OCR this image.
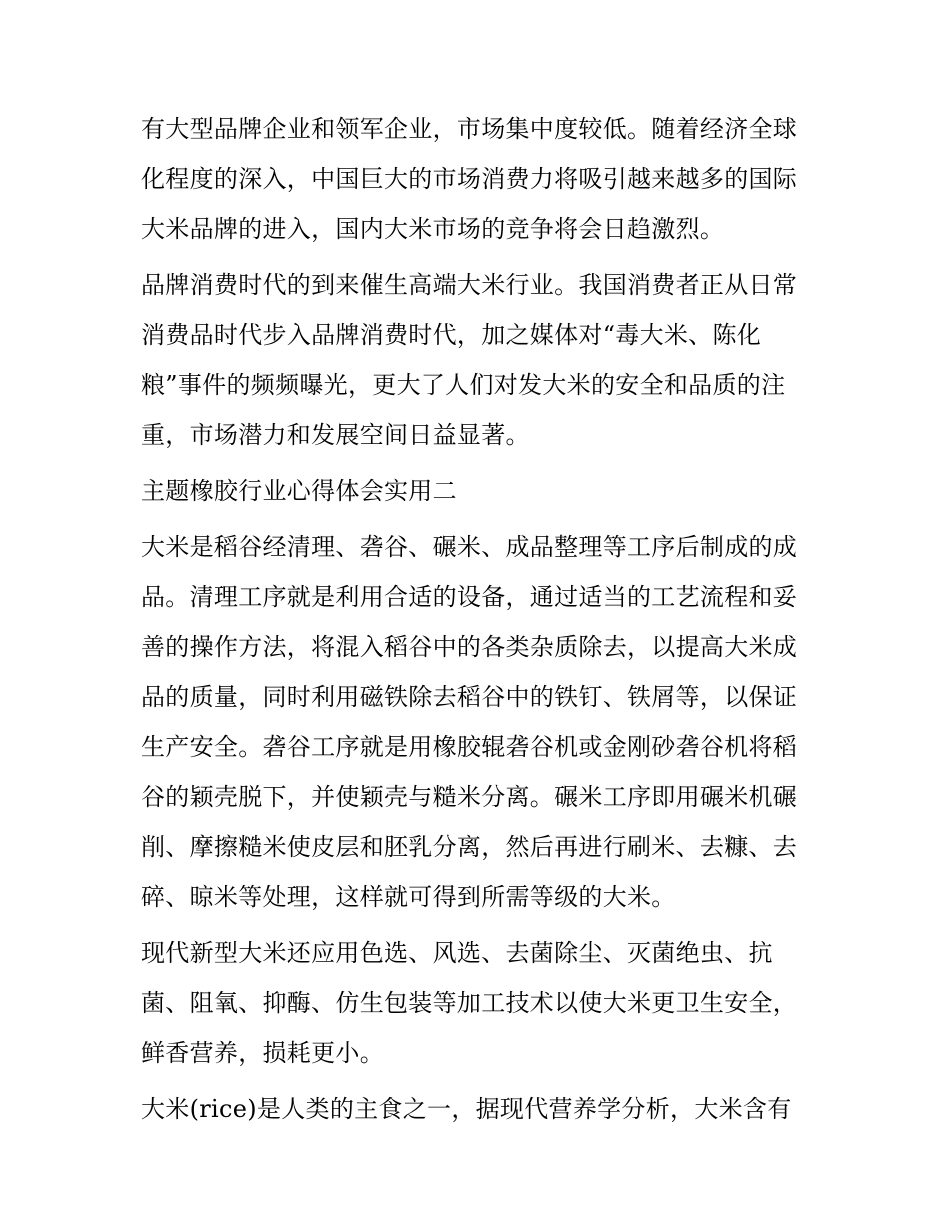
有大型品牌企业和领军企业，市场集中度较低。随着经济全球
化程度的深入，中国巨大的市场消费力将吸引越来越多的国际
大米品牌的进入，国内大米市场的竞争将会日趋激烈。
品牌消费时代的到来催生高端大米行业。我国消费者正从日常
消费品时代步入品牌消费时代，加之媒体对“毒大米、陈化
粮”事件的频频曝光，更大了人们对发大米的安全和品质的注
重，市场潜力和发展空间日益显著。
主题橡胶行业心得体会实用二
大米是稻谷经清理、砻谷、碾米、成品整理等工序后制成的成
品。清理工序就是利用合适的设备，通过适当的工艺流程和妥
善的操作方法，将混入稻谷中的各类杂质除去，以提高大米成
品的质量，同时利用磁铁除去稻谷中的铁钉、铁屑等，以保证
生产安全。砻谷工序就是用橡胶辊砻谷机或金刚砂砻谷机将稻
谷的颖壳脱下，并使颖壳与糙米分离。碾米工序即用碾米机碾
削、摩擦糙米使皮层和胚乳分离，然后再进行刷米、去糠、去
碎、晾米等处理，这样就可得到所需等级的大米。
现代新型大米还应用色选、风选、去菌除尘、灭菌绝虫、抗
菌、阻氧、抑酶、仿生包装等加工技术以使大米更卫生安全，
鲜香营养，损耗更小。
大米(rice)是人类的主食之一，据现代营养学分析，大米含有
